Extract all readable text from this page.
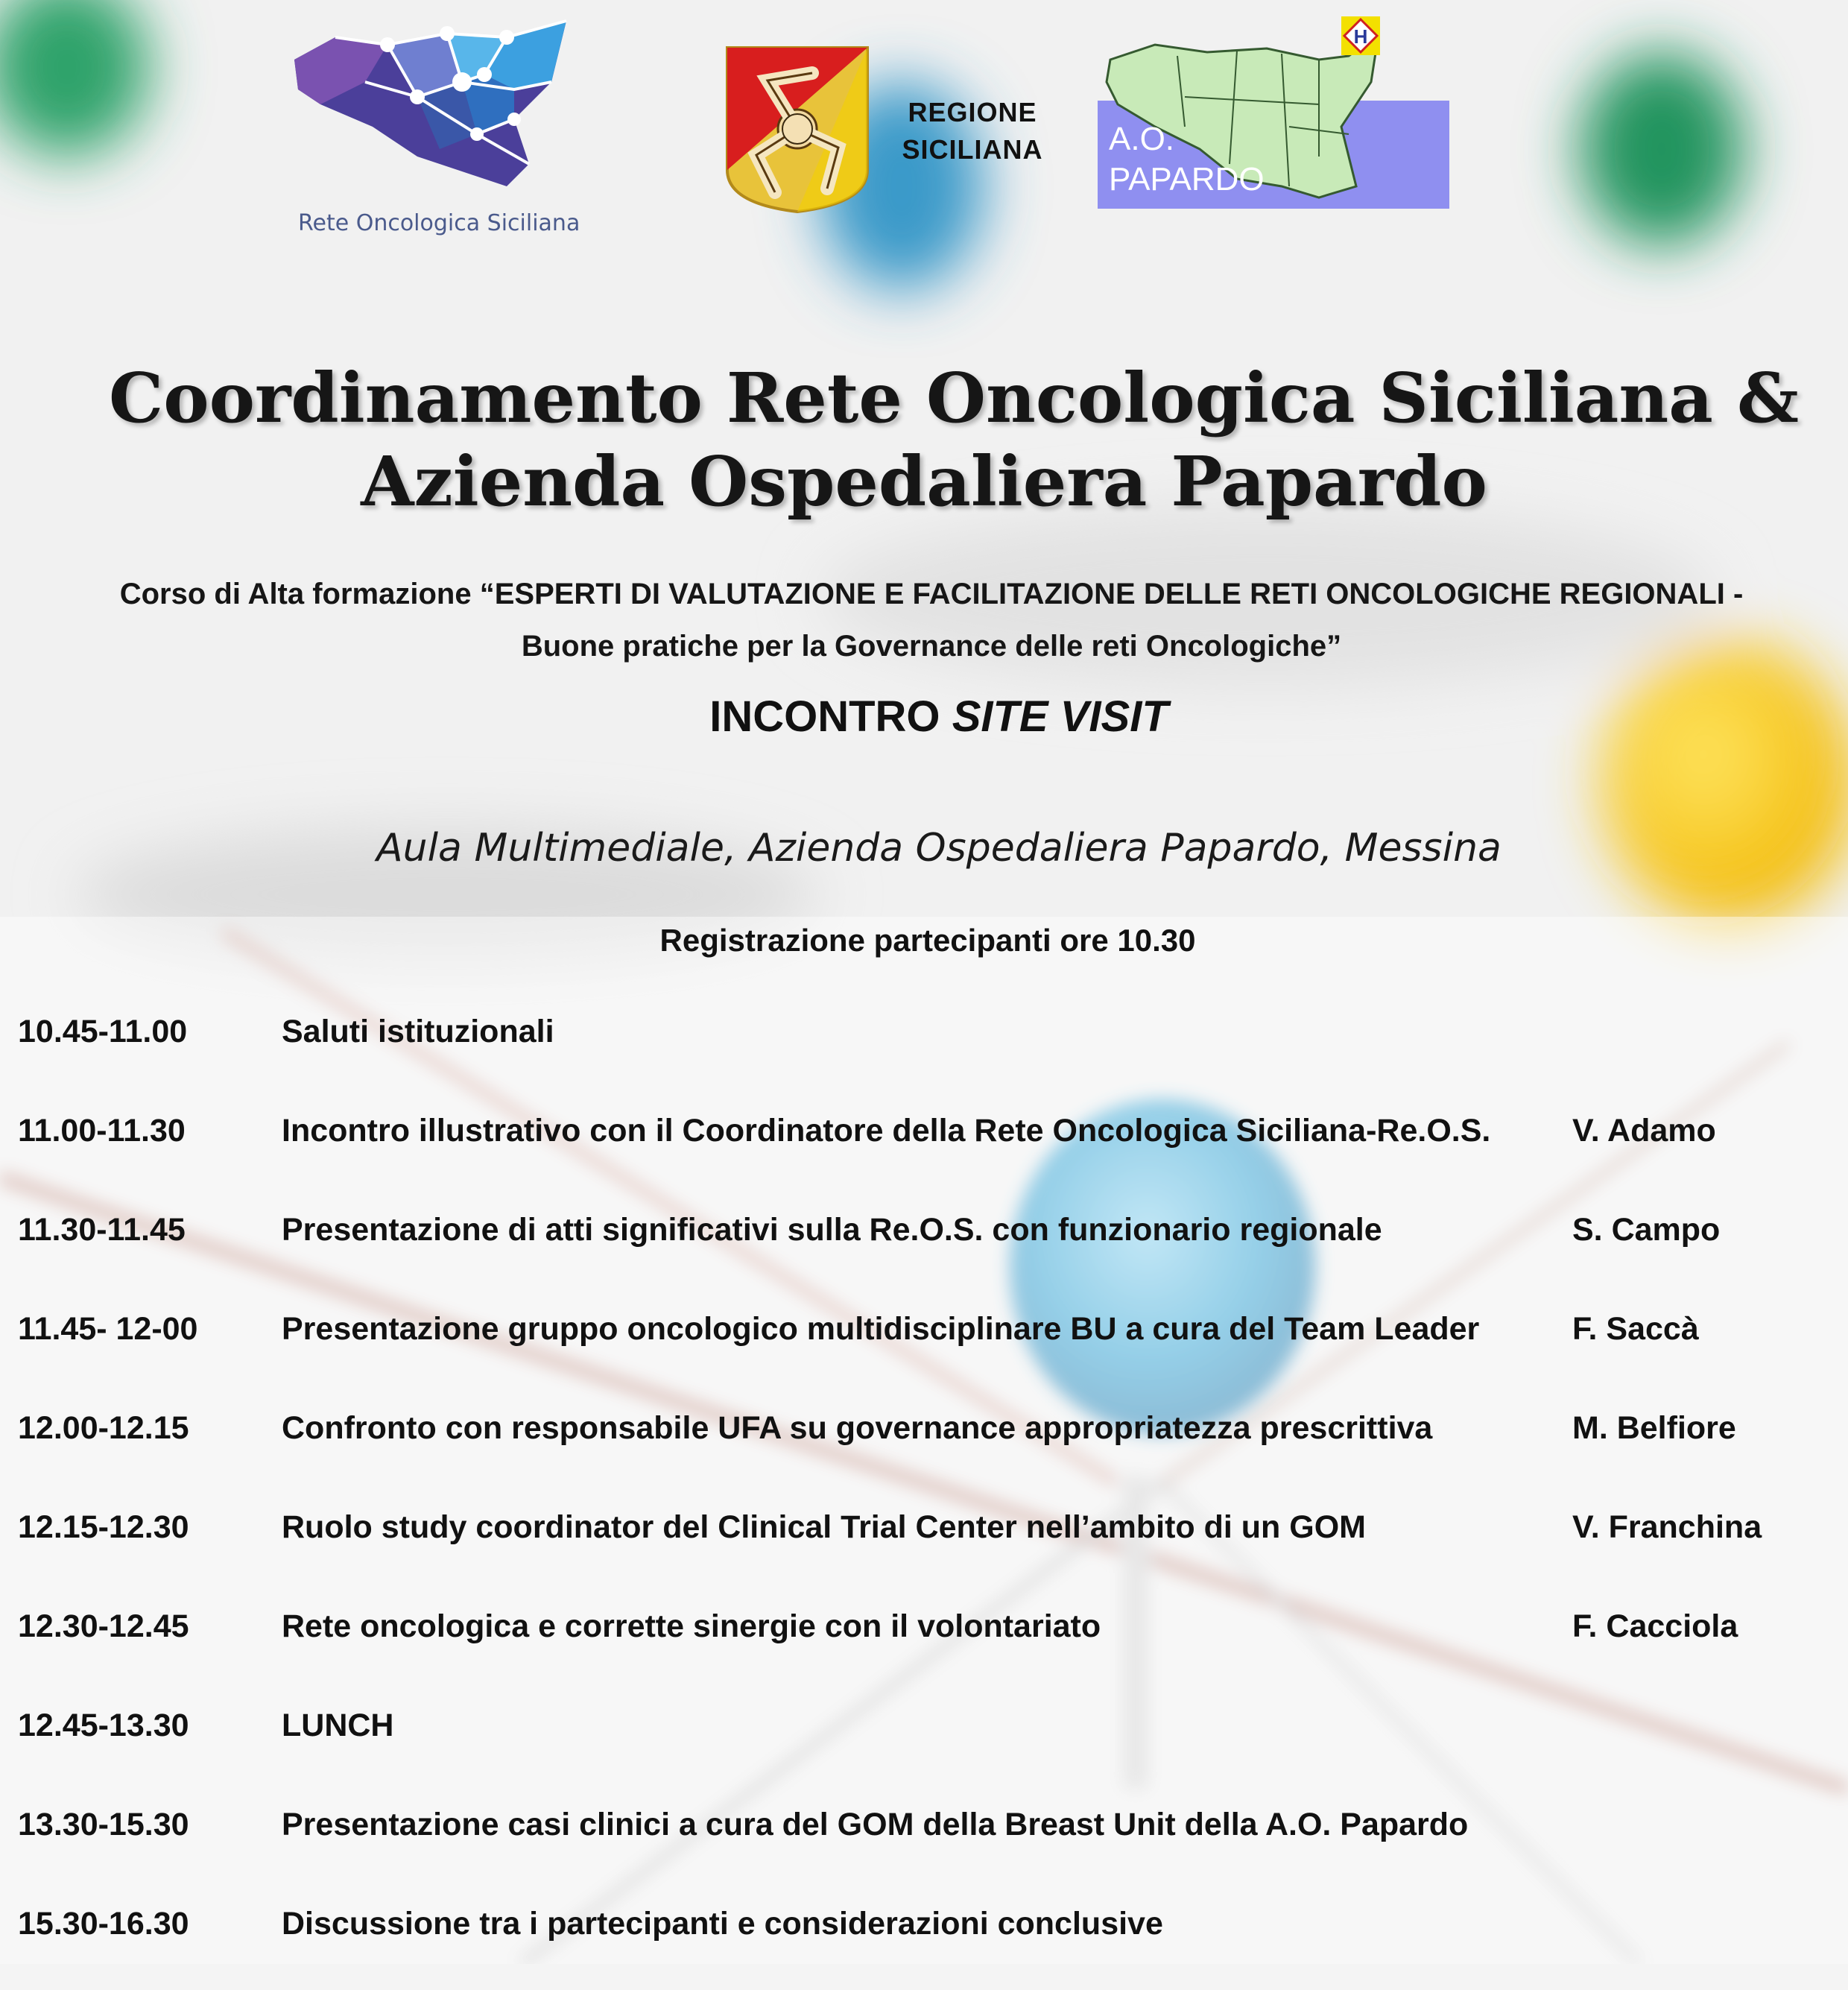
Rete Oncologica Siciliana
REGIONE
SICILIANA
H
A.O.
PAPARDO
Coordinamento Rete Oncologica Siciliana &
Azienda Ospedaliera Papardo
Corso di Alta formazione “ESPERTI DI VALUTAZIONE E FACILITAZIONE DELLE RETI ONCOLOGICHE REGIONALI -
Buone pratiche per la Governance delle reti Oncologiche”
INCONTRO SITE VISIT
Aula Multimediale, Azienda Ospedaliera Papardo, Messina
Registrazione partecipanti ore 10.30
10.45-11.00	Saluti istituzionali
11.00-11.30	Incontro illustrativo con il Coordinatore della Rete Oncologica Siciliana-Re.O.S.	V. Adamo
11.30-11.45	Presentazione di atti significativi sulla Re.O.S. con funzionario regionale	S. Campo
11.45- 12-00	Presentazione gruppo oncologico multidisciplinare BU a cura del Team Leader	F. Saccà
12.00-12.15	Confronto con responsabile UFA su governance appropriatezza prescrittiva	M. Belfiore
12.15-12.30	Ruolo study coordinator del Clinical Trial Center nell’ambito di un GOM	V. Franchina
12.30-12.45	Rete oncologica e corrette sinergie con il volontariato	F. Cacciola
12.45-13.30	LUNCH
13.30-15.30	Presentazione casi clinici a cura del GOM della Breast Unit della A.O. Papardo
15.30-16.30	Discussione tra i partecipanti e considerazioni conclusive
